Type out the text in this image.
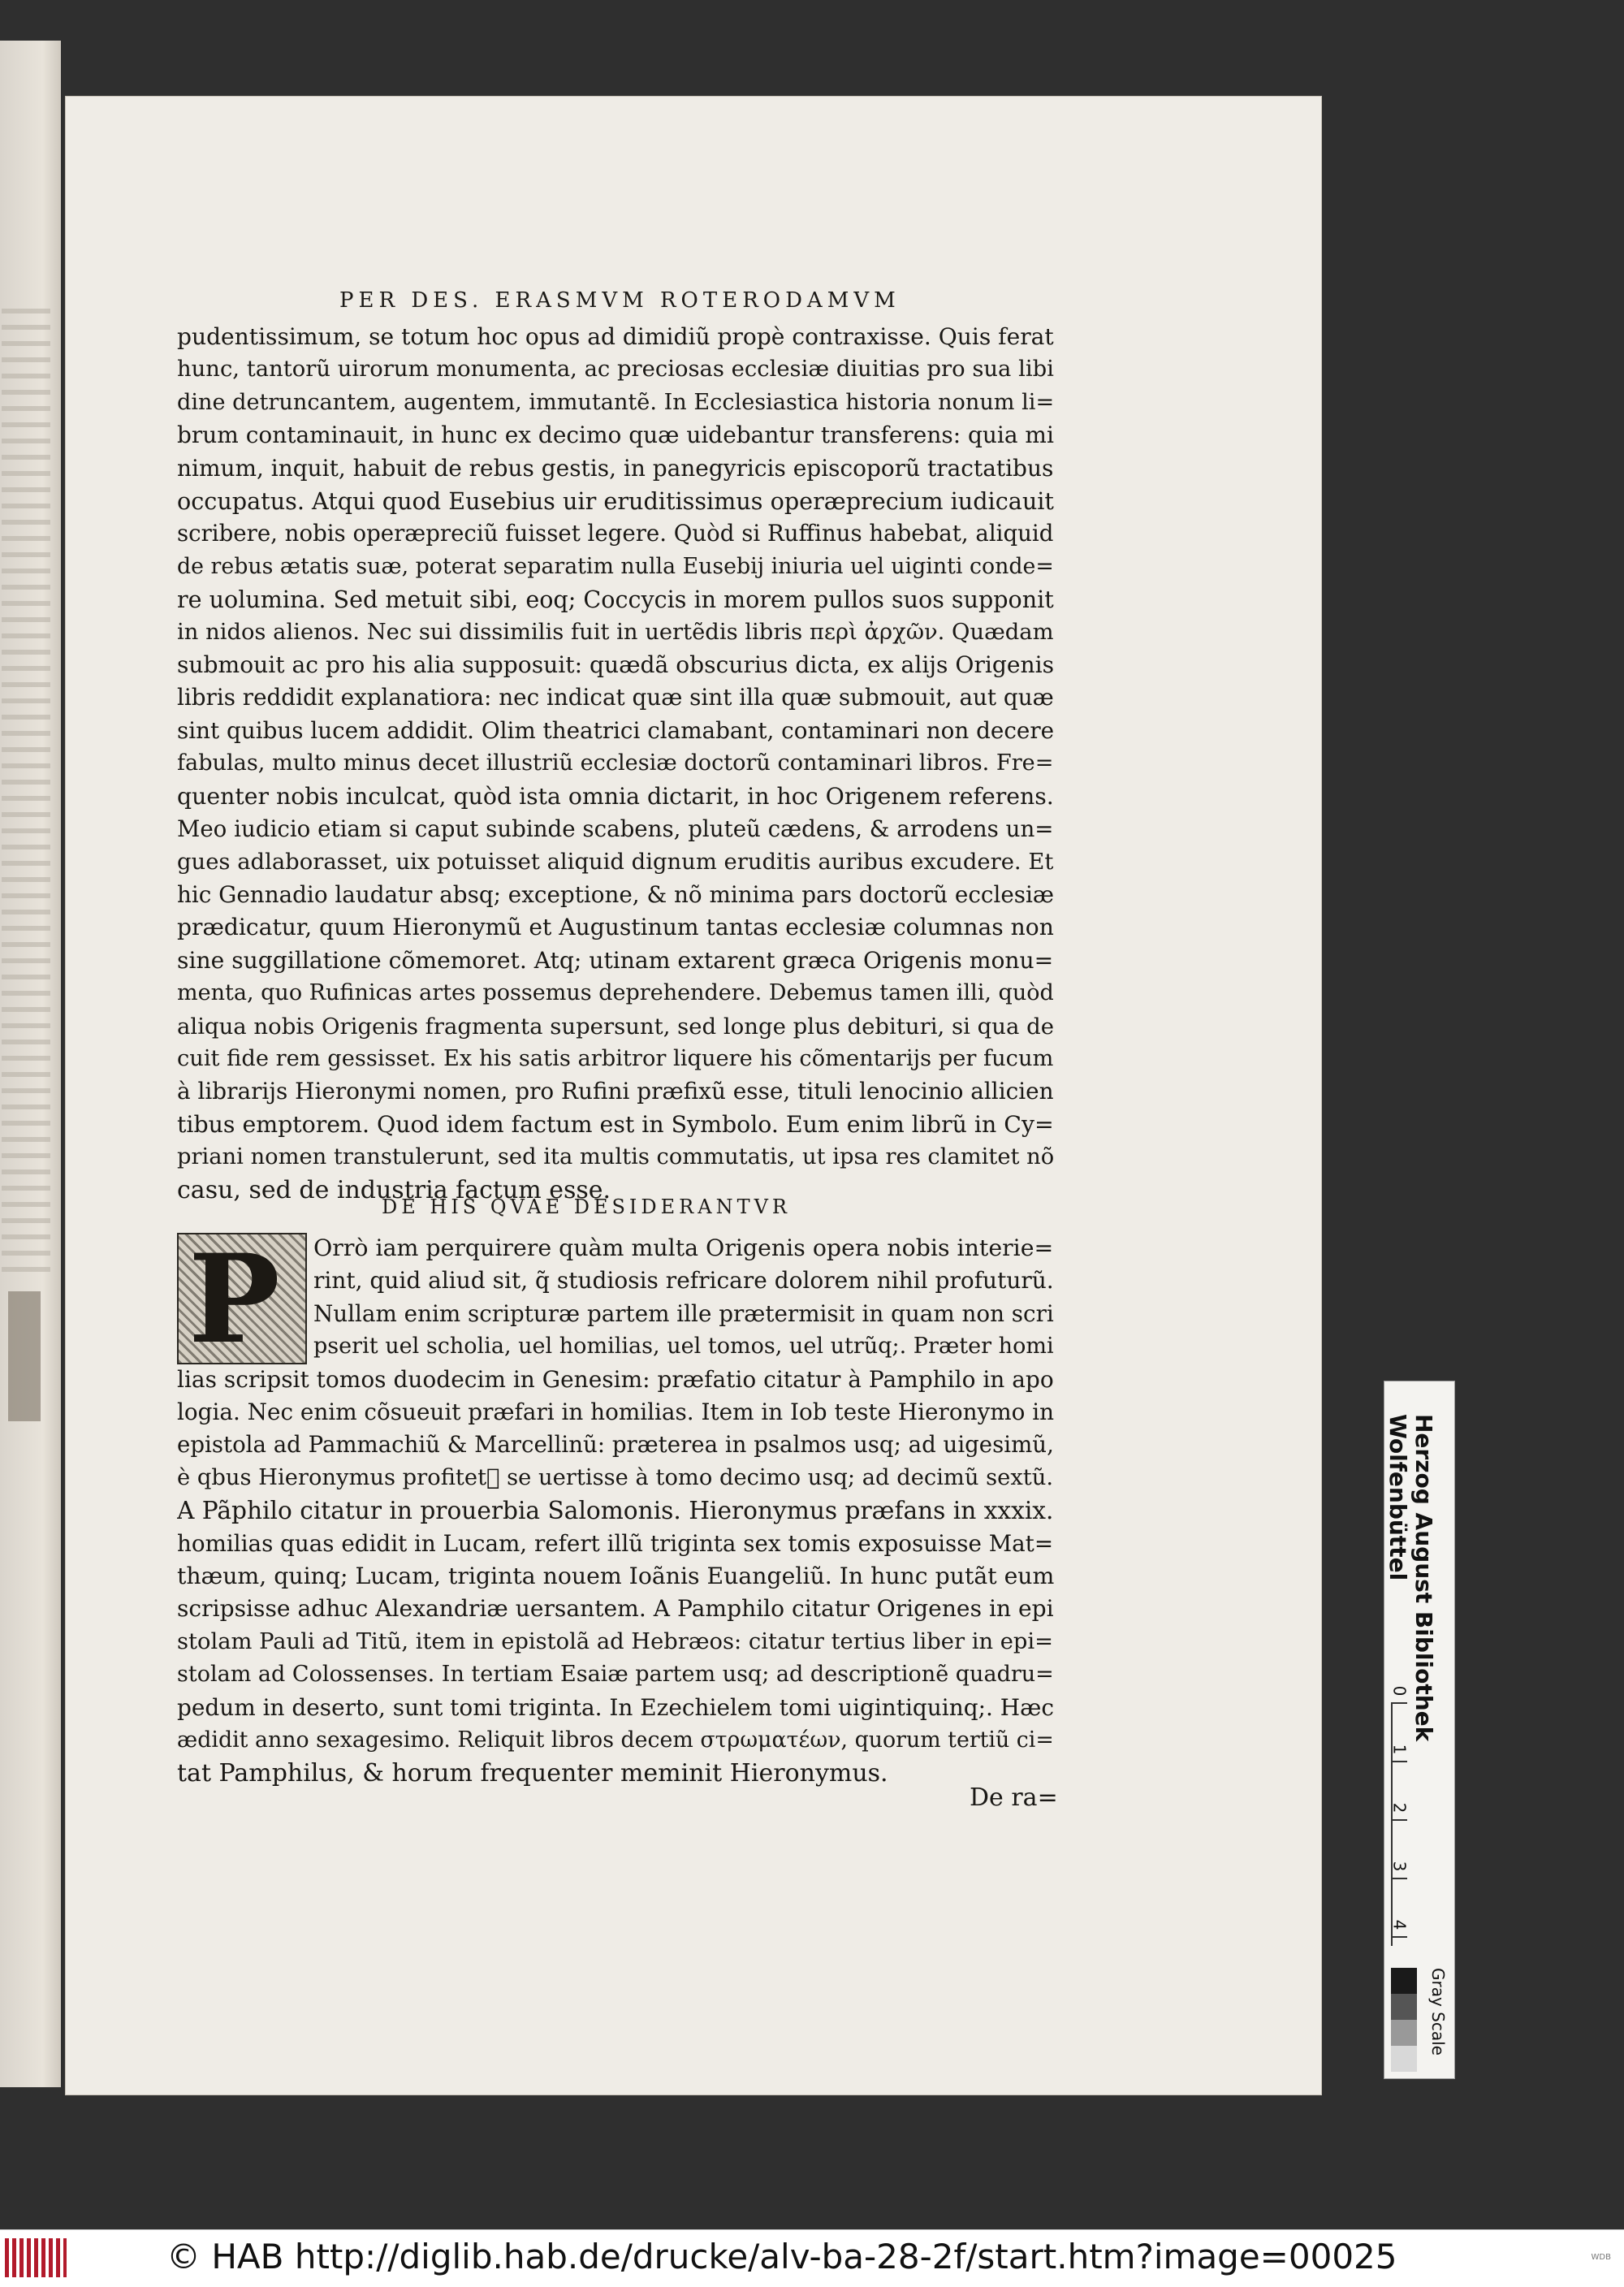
PER DES. ERASMVM ROTERODAMVM
pudentissimum, se totum hoc opus ad dimidiũ propè contraxisse. Quis ferat
hunc, tantorũ uirorum monumenta, ac preciosas ecclesiæ diuitias pro sua libi
dine detruncantem, augentem, immutantẽ. In Ecclesiastica historia nonum li=
brum contaminauit, in hunc ex decimo quæ uidebantur transferens: quia mi
nimum, inquit, habuit de rebus gestis, in panegyricis episcoporũ tractatibus
occupatus. Atqui quod Eusebius uir eruditissimus operæprecium iudicauit
scribere, nobis operæpreciũ fuisset legere. Quòd si Ruffinus habebat, aliquid
de rebus ætatis suæ, poterat separatim nulla Eusebij iniuria uel uiginti conde=
re uolumina. Sed metuit sibi, eoq; Coccycis in morem pullos suos supponit
in nidos alienos. Nec sui dissimilis fuit in uertẽdis libris περὶ ἀρχῶν. Quædam
submouit ac pro his alia supposuit: quædã obscurius dicta, ex alijs Origenis
libris reddidit explanatiora: nec indicat quæ sint illa quæ submouit, aut quæ
sint quibus lucem addidit. Olim theatrici clamabant, contaminari non decere
fabulas, multo minus decet illustriũ ecclesiæ doctorũ contaminari libros. Fre=
quenter nobis inculcat, quòd ista omnia dictarit, in hoc Origenem referens.
Meo iudicio etiam si caput subinde scabens, pluteũ cædens, & arrodens un=
gues adlaborasset, uix potuisset aliquid dignum eruditis auribus excudere. Et
hic Gennadio laudatur absq; exceptione, & nõ minima pars doctorũ ecclesiæ
prædicatur, quum Hieronymũ et Augustinum tantas ecclesiæ columnas non
sine suggillatione cõmemoret. Atq; utinam extarent græca Origenis monu=
menta, quo Rufinicas artes possemus deprehendere. Debemus tamen illi, quòd
aliqua nobis Origenis fragmenta supersunt, sed longe plus debituri, si qua de
cuit fide rem gessisset. Ex his satis arbitror liquere his cõmentarijs per fucum
à librarijs Hieronymi nomen, pro Rufini præfixũ esse, tituli lenocinio allicien
tibus emptorem. Quod idem factum est in Symbolo. Eum enim librũ in Cy=
priani nomen transtulerunt, sed ita multis commutatis, ut ipsa res clamitet nõ
casu, sed de industria factum esse.
DE HIS QVAE DESIDERANTVR
P	Orrò iam perquirere quàm multa Origenis opera nobis interie=
rint, quid aliud sit, q̃ studiosis refricare dolorem nihil profuturũ.
Nullam enim scripturæ partem ille prætermisit in quam non scri
pserit uel scholia, uel homilias, uel tomos, uel utrũq;. Præter homi
lias scripsit tomos duodecim in Genesim: præfatio citatur à Pamphilo in apo
logia. Nec enim cõsueuit præfari in homilias. Item in Iob teste Hieronymo in
epistola ad Pammachiũ & Marcellinũ: præterea in psalmos usq; ad uigesimũ,
è qbus Hieronymus profitetᷣ se uertisse à tomo decimo usq; ad decimũ sextũ.
A Pãphilo citatur in prouerbia Salomonis. Hieronymus præfans in xxxix.
homilias quas edidit in Lucam, refert illũ triginta sex tomis exposuisse Mat=
thæum, quinq; Lucam, triginta nouem Ioãnis Euangeliũ. In hunc putãt eum
scripsisse adhuc Alexandriæ uersantem. A Pamphilo citatur Origenes in epi
stolam Pauli ad Titũ, item in epistolã ad Hebræos: citatur tertius liber in epi=
stolam ad Colossenses. In tertiam Esaiæ partem usq; ad descriptionẽ quadru=
pedum in deserto, sunt tomi triginta. In Ezechielem tomi uigintiquinq;. Hæc
ædidit anno sexagesimo. Reliquit libros decem στρωματέων, quorum tertiũ ci=
tat Pamphilus, & horum frequenter meminit Hieronymus.
De ra=
Herzog August Bibliothek
Wolfenbüttel
0
1
2
3
4
Gray Scale
© HAB http://diglib.hab.de/drucke/alv-ba-28-2f/start.htm?image=00025	WDB
